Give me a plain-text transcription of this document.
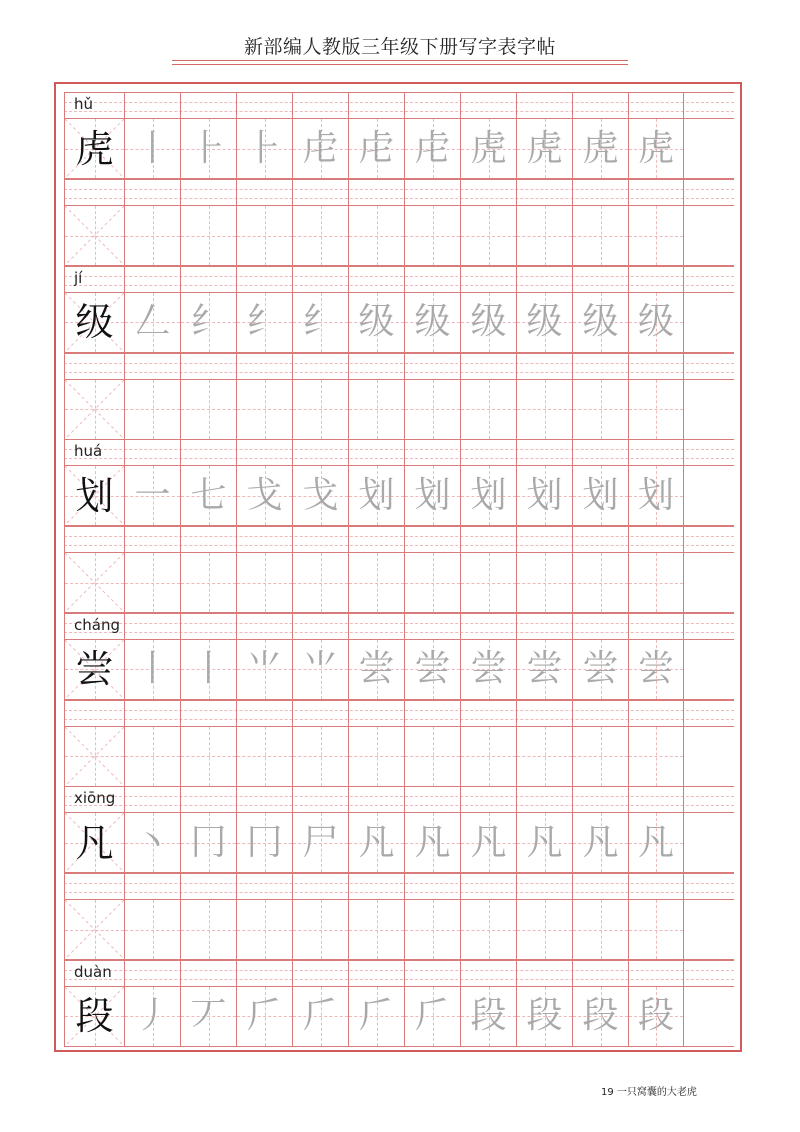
新部编人教版三年级下册写字表字帖
hǔ
虎 丨 ⺊ ⺊ 虍 虍 虍 虎 虎 虎 虎
jí
级 𠃋 纟 纟 纟 级 级 级 级 级 级
huá
划 一 七 戈 戈 划 划 划 划 划 划
cháng
尝 丨 丨 ⺌ ⺌ 尝 尝 尝 尝 尝 尝
xiōng
凡 丶 冂 冂 尸 凡 凡 凡 凡 凡 凡
duàn
段 丿 丆 𠂆 𠂆 𠂆 𠂆 段 段 段 段
19 一只窝囊的大老虎
